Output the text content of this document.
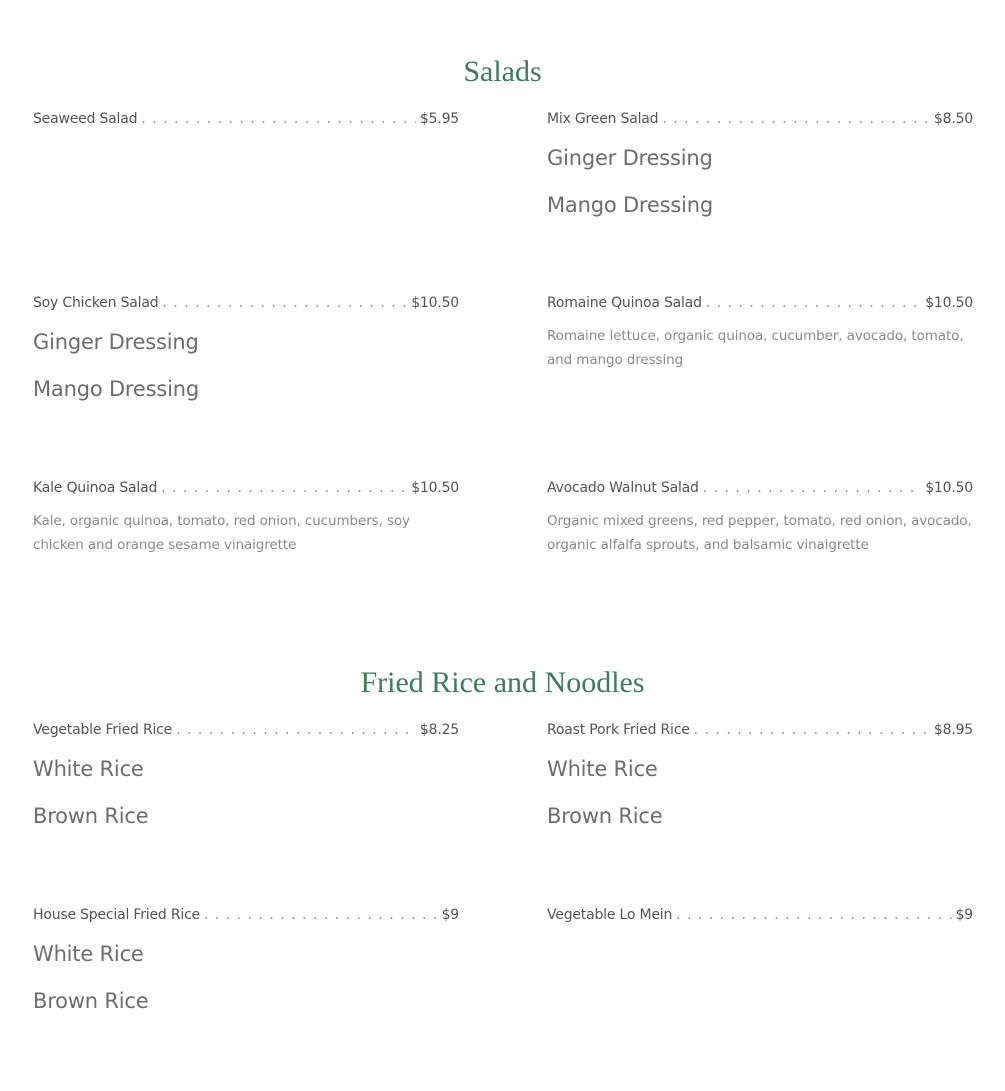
Salads
Seaweed Salad . . .	$5.95	Mix Green Salad . . .	$8.50
Ginger Dressing
Mango Dressing
Soy Chicken Salad . . .	$10.50
Ginger Dressing
Mango Dressing
Romaine Quinoa Salad . . .	$10.50
Romaine lettuce, organic quinoa, cucumber, avocado, tomato, and mango dressing
Kale Quinoa Salad . . .	$10.50
Kale, organic quinoa, tomato, red onion, cucumbers, soy chicken and orange sesame vinaigrette
Avocado Walnut Salad . . .	$10.50
Organic mixed greens, red pepper, tomato, red onion, avocado, organic alfalfa sprouts, and balsamic vinaigrette
Fried Rice and Noodles
Vegetable Fried Rice . . .	$8.25
White Rice
Brown Rice
Roast Pork Fried Rice . . .	$8.95
White Rice
Brown Rice
House Special Fried Rice . . .	$9
White Rice
Brown Rice
Vegetable Lo Mein . . .	$9
